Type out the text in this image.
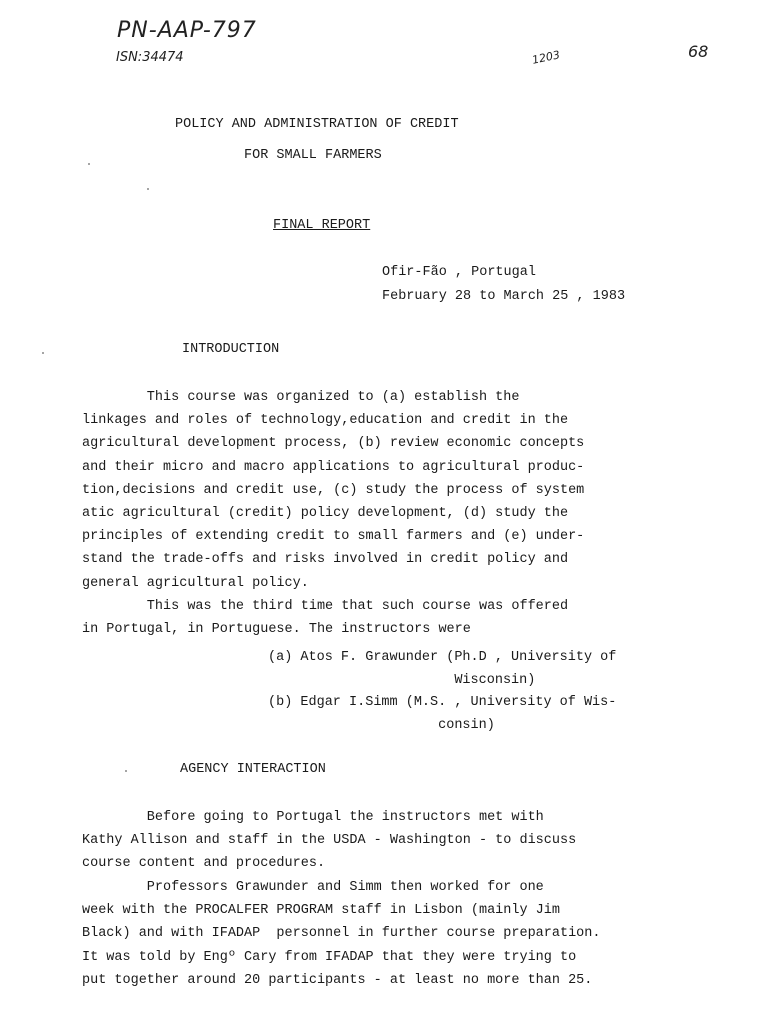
PN-AAP-797
ISN:34474	1203	68
POLICY AND ADMINISTRATION OF CREDIT
FOR SMALL FARMERS
FINAL REPORT
Ofir-Fão , Portugal
February 28 to March 25 , 1983
INTRODUCTION
This course was organized to (a) establish the
linkages and roles of technology,education and credit in the
agricultural development process, (b) review economic concepts
and their micro and macro applications to agricultural produc-
tion,decisions and credit use, (c) study the process of system
atic agricultural (credit) policy development, (d) study the
principles of extending credit to small farmers and (e) under-
stand the trade-offs and risks involved in credit policy and
general agricultural policy.
This was the third time that such course was offered
in Portugal, in Portuguese. The instructors were
(a) Atos F. Grawunder (Ph.D , University of
Wisconsin)
(b) Edgar I.Simm (M.S. , University of Wis-
consin)
AGENCY INTERACTION
Before going to Portugal the instructors met with
Kathy Allison and staff in the USDA - Washington - to discuss
course content and procedures.
Professors Grawunder and Simm then worked for one
week with the PROCALFER PROGRAM staff in Lisbon (mainly Jim
Black) and with IFADAP  personnel in further course preparation.
It was told by Engº Cary from IFADAP that they were trying to
put together around 20 participants - at least no more than 25.
